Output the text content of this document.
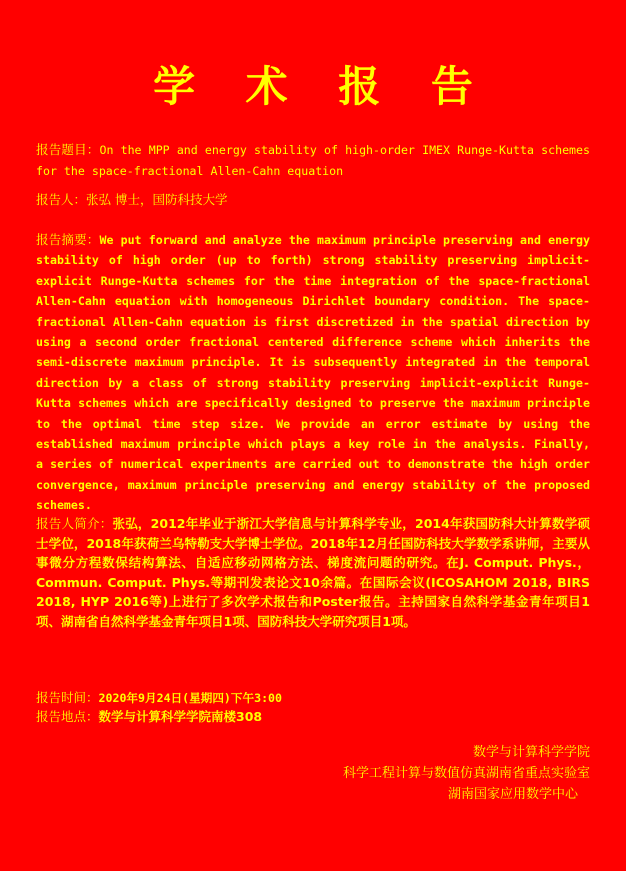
学 术 报 告
报告题目：On the MPP and energy stability of high-order IMEX Runge-Kutta schemes for the space-fractional Allen-Cahn equation
报告人：张弘 博士，国防科技大学
报告摘要：We put forward and analyze the maximum principle preserving and energy stability of high order (up to forth) strong stability preserving implicit-explicit Runge-Kutta schemes for the time integration of the space-fractional Allen-Cahn equation with homogeneous Dirichlet boundary condition. The space-fractional Allen-Cahn equation is first discretized in the spatial direction by using a second order fractional centered difference scheme which inherits the semi-discrete maximum principle. It is subsequently integrated in the temporal direction by a class of strong stability preserving implicit-explicit Runge-Kutta schemes which are specifically designed to preserve the maximum principle to the optimal time step size. We provide an error estimate by using the established maximum principle which plays a key role in the analysis. Finally, a series of numerical experiments are carried out to demonstrate the high order convergence, maximum principle preserving and energy stability of the proposed schemes.
报告人简介：张弘，2012年毕业于浙江大学信息与计算科学专业，2014年获国防科大计算数学硕士学位，2018年获荷兰乌特勒支大学博士学位。2018年12月任国防科技大学数学系讲师，主要从事微分方程数保结构算法、自适应移动网格方法、梯度流问题的研究。在J. Comput. Phys.，Commun. Comput. Phys.等期刊发表论文10余篇。在国际会议(ICOSAHOM 2018, BIRS 2018, HYP 2016等)上进行了多次学术报告和Poster报告。主持国家自然科学基金青年项目1项、湖南省自然科学基金青年项目1项、国防科技大学研究项目1项。
报告时间：2020年9月24日(星期四)下午3:00
报告地点：数学与计算科学学院南楼308
数学与计算科学学院
科学工程计算与数值仿真湖南省重点实验室
湖南国家应用数学中心
